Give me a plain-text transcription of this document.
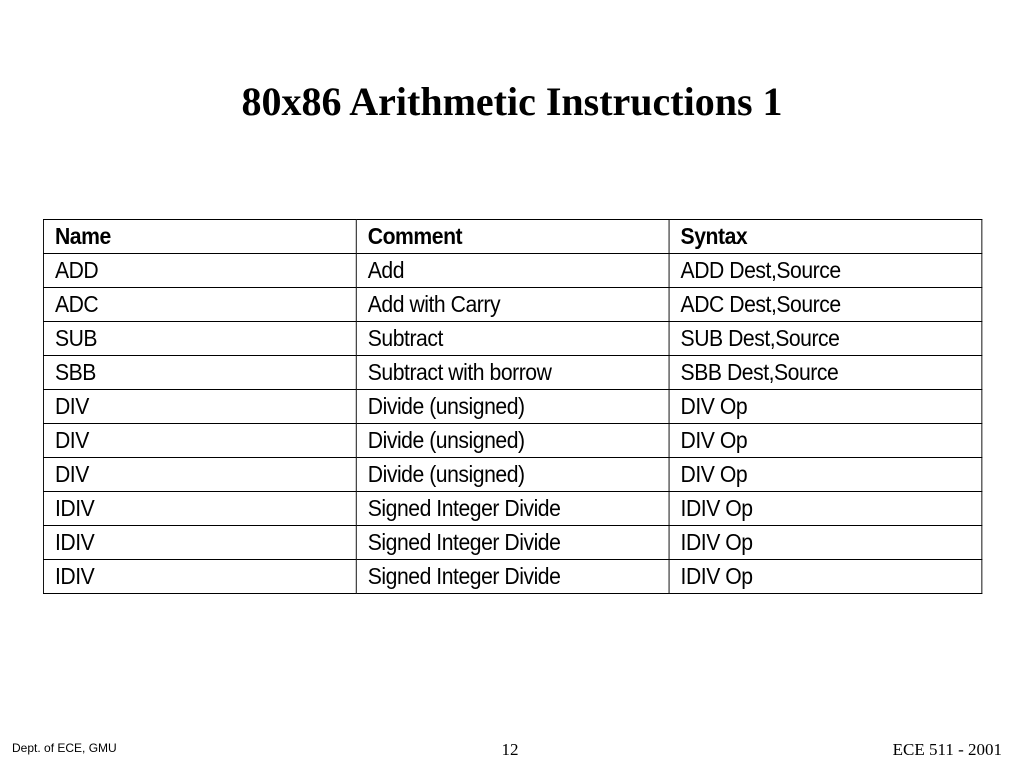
80x86 Arithmetic Instructions 1
Name	Comment	Syntax
ADD	Add	ADD Dest,Source
ADC	Add with Carry	ADC Dest,Source
SUB	Subtract	SUB Dest,Source
SBB	Subtract with borrow	SBB Dest,Source
DIV	Divide (unsigned)	DIV Op
DIV	Divide (unsigned)	DIV Op
DIV	Divide (unsigned)	DIV Op
IDIV	Signed Integer Divide	IDIV Op
IDIV	Signed Integer Divide	IDIV Op
IDIV	Signed Integer Divide	IDIV Op
Dept. of ECE, GMU	12	ECE 511 - 2001
